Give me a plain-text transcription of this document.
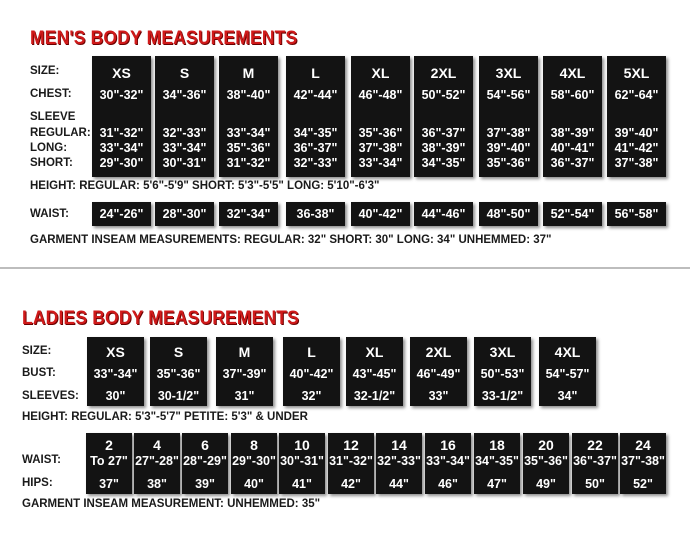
MEN'S BODY MEASUREMENTS
SIZE:
CHEST:
SLEEVE
REGULAR:
LONG:
SHORT:
WAIST:
XS
30"-32"
31"-32"
33"-34"
29"-30"
24"-26"
S
34"-36"
32"-33"
33"-34"
30"-31"
28"-30"
M
38"-40"
33"-34"
35"-36"
31"-32"
32"-34"
L
42"-44"
34"-35"
36"-37"
32"-33"
36-38"
XL
46"-48"
35"-36"
37"-38"
33"-34"
40"-42"
2XL
50"-52"
36"-37"
38"-39"
34"-35"
44"-46"
3XL
54"-56"
37"-38"
39"-40"
35"-36"
48"-50"
4XL
58"-60"
38"-39"
40"-41"
36"-37"
52"-54"
5XL
62"-64"
39"-40"
41"-42"
37"-38"
56"-58"
HEIGHT: REGULAR: 5'6"-5'9" SHORT: 5'3"-5'5" LONG: 5'10"-6'3"
GARMENT INSEAM MEASUREMENTS: REGULAR: 32" SHORT: 30" LONG: 34" UNHEMMED: 37"
LADIES BODY MEASUREMENTS
SIZE:
BUST:
SLEEVES:
WAIST:
HIPS:
XS
33"-34"
30"
S
35"-36"
30-1/2"
M
37"-39"
31"
L
40"-42"
32"
XL
43"-45"
32-1/2"
2XL
46"-49"
33"
3XL
50"-53"
33-1/2"
4XL
54"-57"
34"
HEIGHT: REGULAR: 5'3"-5'7" PETITE: 5'3" & UNDER
2
To 27"
37"
4
27"-28"
38"
6
28"-29"
39"
8
29"-30"
40"
10
30"-31"
41"
12
31"-32"
42"
14
32"-33"
44"
16
33"-34"
46"
18
34"-35"
47"
20
35"-36"
49"
22
36"-37"
50"
24
37"-38"
52"
GARMENT INSEAM MEASUREMENT: UNHEMMED: 35"
